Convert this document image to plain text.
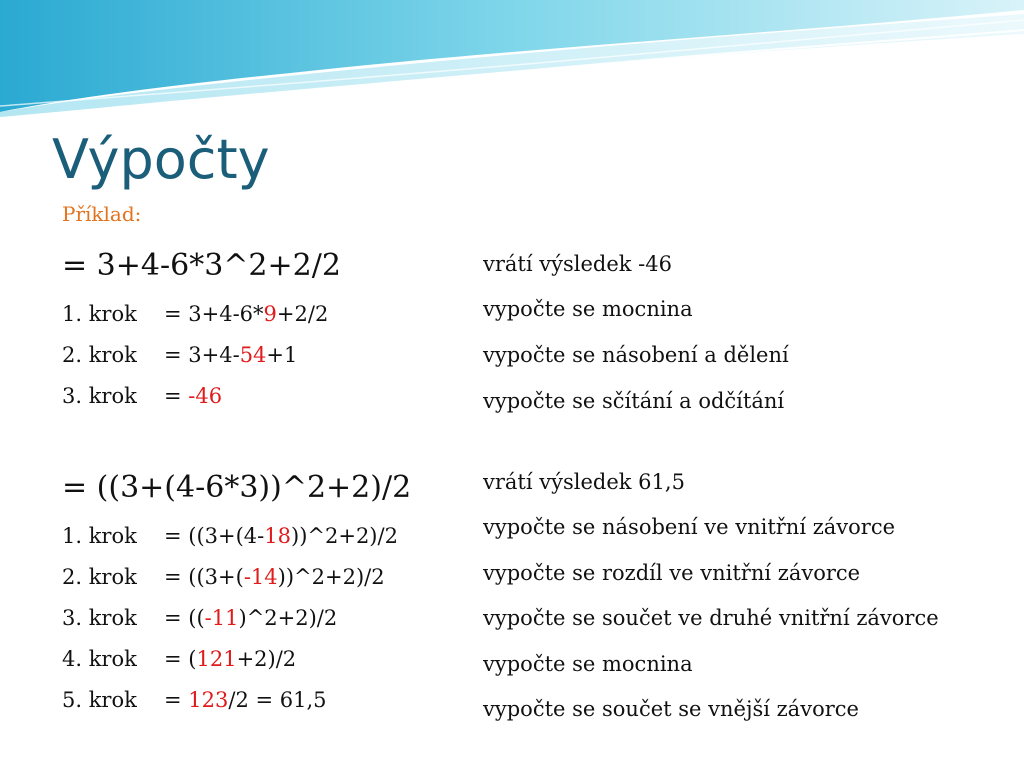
Výpočty
Příklad:
= 3+4-6*3^2+2/2
1. krok = 3+4-6*9+2/2
2. krok = 3+4-54+1
3. krok = -46
vrátí výsledek -46
vypočte se mocnina
vypočte se násobení a dělení
vypočte se sčítání a odčítání
= ((3+(4-6*3))^2+2)/2
1. krok = ((3+(4-18))^2+2)/2
2. krok = ((3+(-14))^2+2)/2
3. krok = ((-11)^2+2)/2
4. krok = (121+2)/2
5. krok = 123/2 = 61,5
vrátí výsledek 61,5
vypočte se násobení ve vnitřní závorce
vypočte se rozdíl ve vnitřní závorce
vypočte se součet ve druhé vnitřní závorce
vypočte se mocnina
vypočte se součet se vnější závorce
